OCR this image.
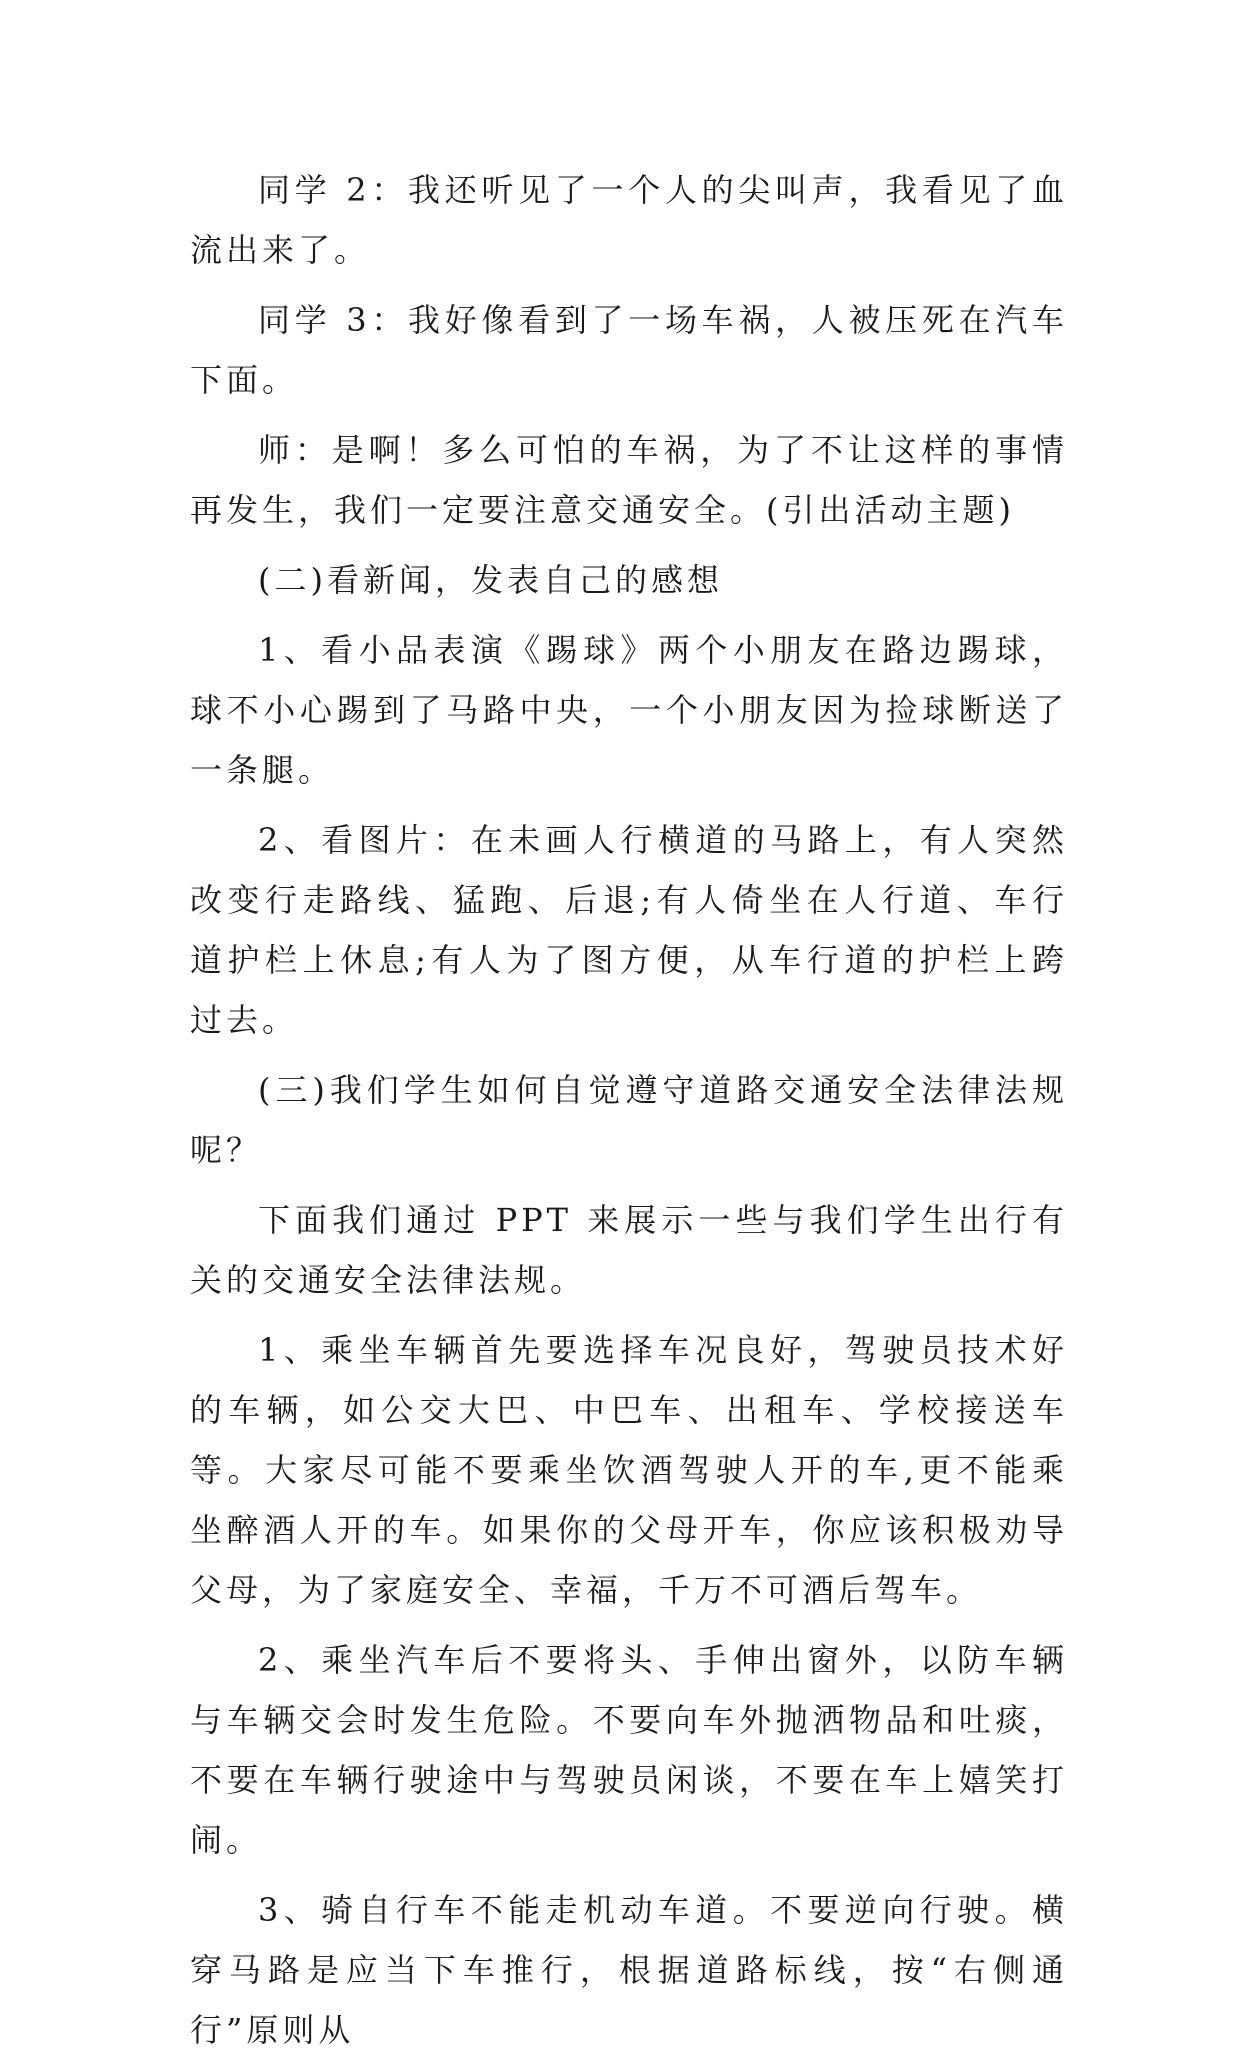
同学 2：我还听见了一个人的尖叫声，我看见了血流出来了。

同学 3：我好像看到了一场车祸，人被压死在汽车下面。

师：是啊！多么可怕的车祸，为了不让这样的事情再发生，我们一定要注意交通安全。(引出活动主题)

(二)看新闻，发表自己的感想

1、看小品表演《踢球》两个小朋友在路边踢球，球不小心踢到了马路中央，一个小朋友因为捡球断送了一条腿。

2、看图片：在未画人行横道的马路上，有人突然改变行走路线、猛跑、后退;有人倚坐在人行道、车行道护栏上休息;有人为了图方便，从车行道的护栏上跨过去。

(三)我们学生如何自觉遵守道路交通安全法律法规呢？

下面我们通过 PPT 来展示一些与我们学生出行有关的交通安全法律法规。

1、乘坐车辆首先要选择车况良好，驾驶员技术好的车辆，如公交大巴、中巴车、出租车、学校接送车等。大家尽可能不要乘坐饮酒驾驶人开的车,更不能乘坐醉酒人开的车。如果你的父母开车，你应该积极劝导父母，为了家庭安全、幸福，千万不可酒后驾车。

2、乘坐汽车后不要将头、手伸出窗外，以防车辆与车辆交会时发生危险。不要向车外抛洒物品和吐痰，不要在车辆行驶途中与驾驶员闲谈，不要在车上嬉笑打闹。

3、骑自行车不能走机动车道。不要逆向行驶。横穿马路是应当下车推行，根据道路标线，按“右侧通行”原则从
